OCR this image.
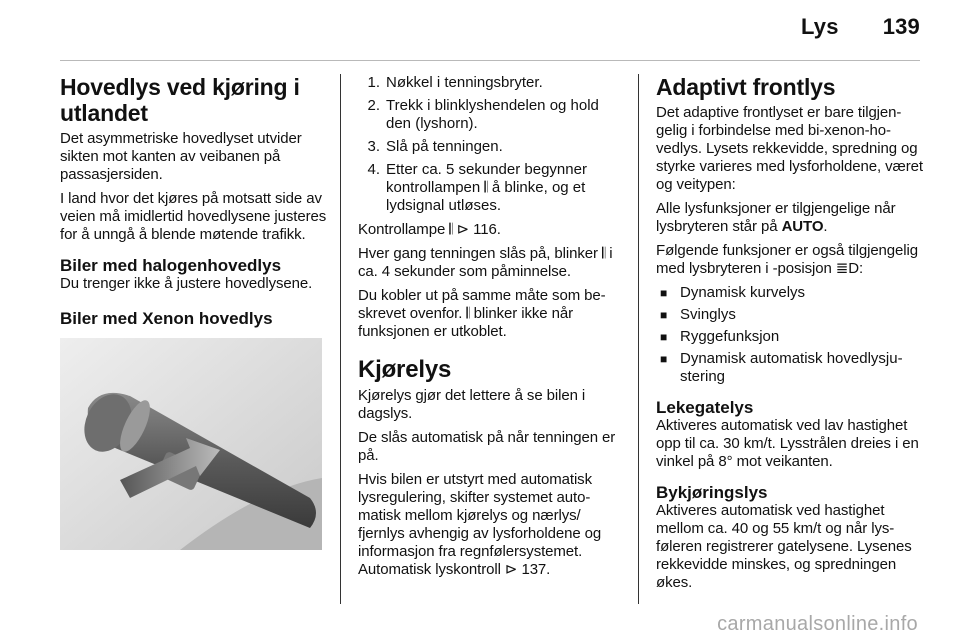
Lys 139
Hovedlys ved kjøring i utlandet

Det asymmetriske hovedlyset utvider sikten mot kanten av veibanen på passasjersiden.

I land hvor det kjøres på motsatt side av veien må imidlertid hovedlysene justeres for å unngå å blende møtende trafikk.

Biler med halogenhovedlys

Du trenger ikke å justere hovedlysene.

Biler med Xenon hovedlys
1. Nøkkel i tenningsbryter.
2. Trekk i blinklyshendelen og hold den (lyshorn).
3. Slå på tenningen.
4. Etter ca. 5 sekunder begynner kontrollampen 𝄃 å blinke, og et lydsignal utløses.

Kontrollampe 𝄃 ⊳ 116.

Hver gang tenningen slås på, blinker 𝄃 i ca. 4 sekunder som påminnelse.

Du kobler ut på samme måte som beskrevet ovenfor. 𝄃 blinker ikke når funksjonen er utkoblet.

Kjørelys

Kjørelys gjør det lettere å se bilen i dagslys.

De slås automatisk på når tenningen er på.

Hvis bilen er utstyrt med automatisk lysregulering, skifter systemet automatisk mellom kjørelys og nærlys/ fjernlys avhengig av lysforholdene og informasjon fra regnfølersystemet. Automatisk lyskontroll ⊳ 137.

Adaptivt frontlys

Det adaptive frontlyset er bare tilgjengelig i forbindelse med bi-xenon-hovedlys. Lysets rekkevidde, spredning og styrke varieres med lysforholdene, været og veitypen:

Alle lysfunksjoner er tilgjengelige når lysbryteren står på AUTO.

Følgende funksjoner er også tilgjengelig med lysbryteren i -posisjon ≣D:

■ Dynamisk kurvelys
■ Svinglys
■ Ryggefunksjon
■ Dynamisk automatisk hovedlysjustering
Lekegatelys

Aktiveres automatisk ved lav hastighet opp til ca. 30 km/t. Lysstrålen dreies i en vinkel på 8° mot veikanten.

Bykjøringslys

Aktiveres automatisk ved hastighet mellom ca. 40 og 55 km/t og når lysføleren registrerer gatelysene. Lysenes rekkevidde minskes, og spredningen økes.

carmanualsonline.info
